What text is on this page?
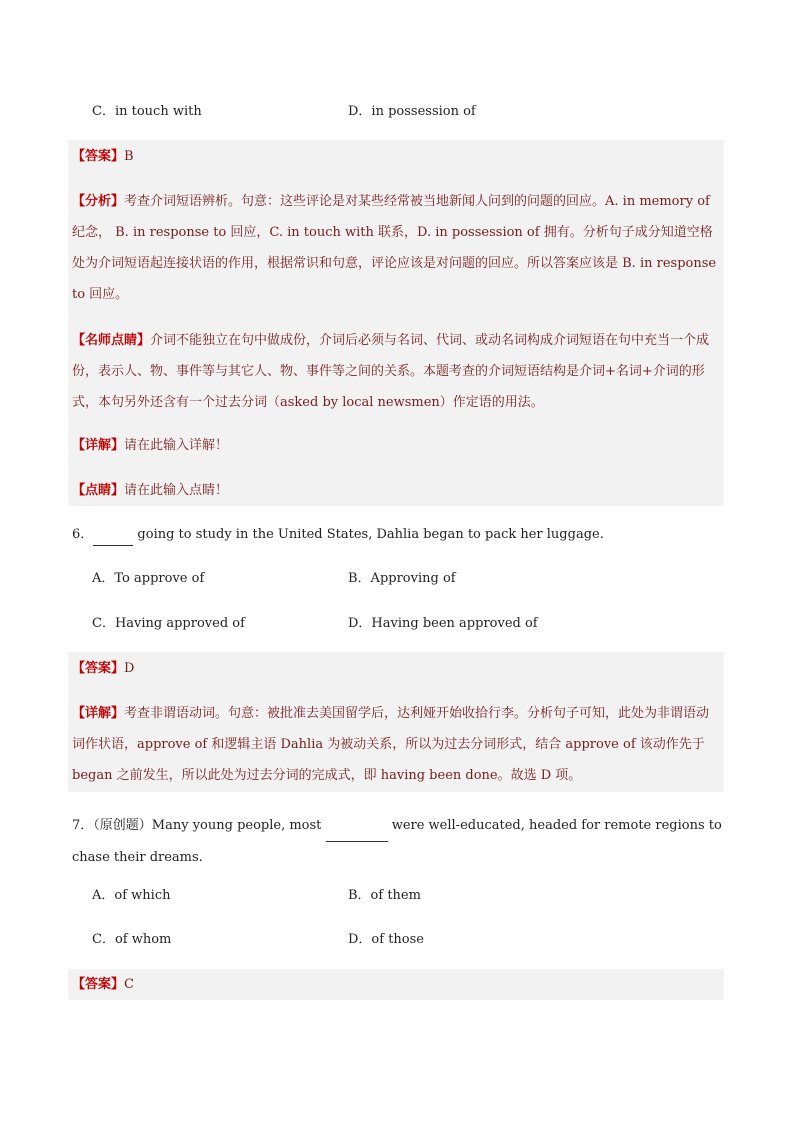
C．in touch with	D．in possession of
【答案】B
【分析】考查介词短语辨析。句意：这些评论是对某些经常被当地新闻人问到的问题的回应。A. in memory of 纪念， B. in response to 回应，C. in touch with 联系，D. in possession of 拥有。分析句子成分知道空格处为介词短语起连接状语的作用，根据常识和句意，评论应该是对问题的回应。所以答案应该是 B. in response to 回应。
【名师点睛】介词不能独立在句中做成份，介词后必须与名词、代词、或动名词构成介词短语在句中充当一个成份，表示人、物、事件等与其它人、物、事件等之间的关系。本题考查的介词短语结构是介词+名词+介词的形式，本句另外还含有一个过去分词（asked by local newsmen）作定语的用法。
【详解】请在此输入详解！
【点睛】请在此输入点睛！
6．	going to study in the United States, Dahlia began to pack her luggage.
A．To approve of	B．Approving of
C．Having approved of	D．Having been approved of
【答案】D
【详解】考查非谓语动词。句意：被批准去美国留学后，达利娅开始收拾行李。分析句子可知，此处为非谓语动词作状语，approve of 和逻辑主语 Dahlia 为被动关系，所以为过去分词形式，结合 approve of 该动作先于 began 之前发生，所以此处为过去分词的完成式，即 having been done。故选 D 项。
7．（原创题）Many young people, most	were well-educated, headed for remote regions to chase their dreams.
A．of which	B．of them
C．of whom	D．of those
【答案】C
